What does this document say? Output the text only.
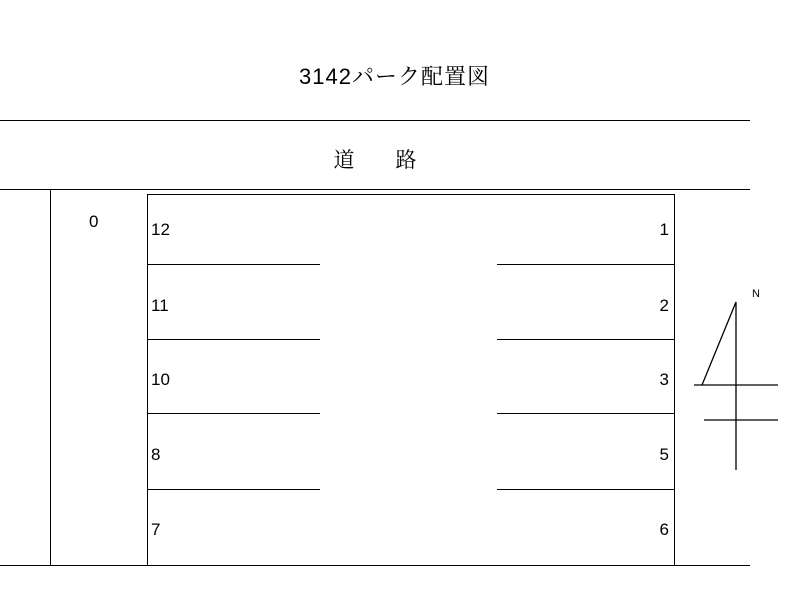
3142パーク配置図
道　路
0	12
11
10
8
7
1
2
3
5
6
N
